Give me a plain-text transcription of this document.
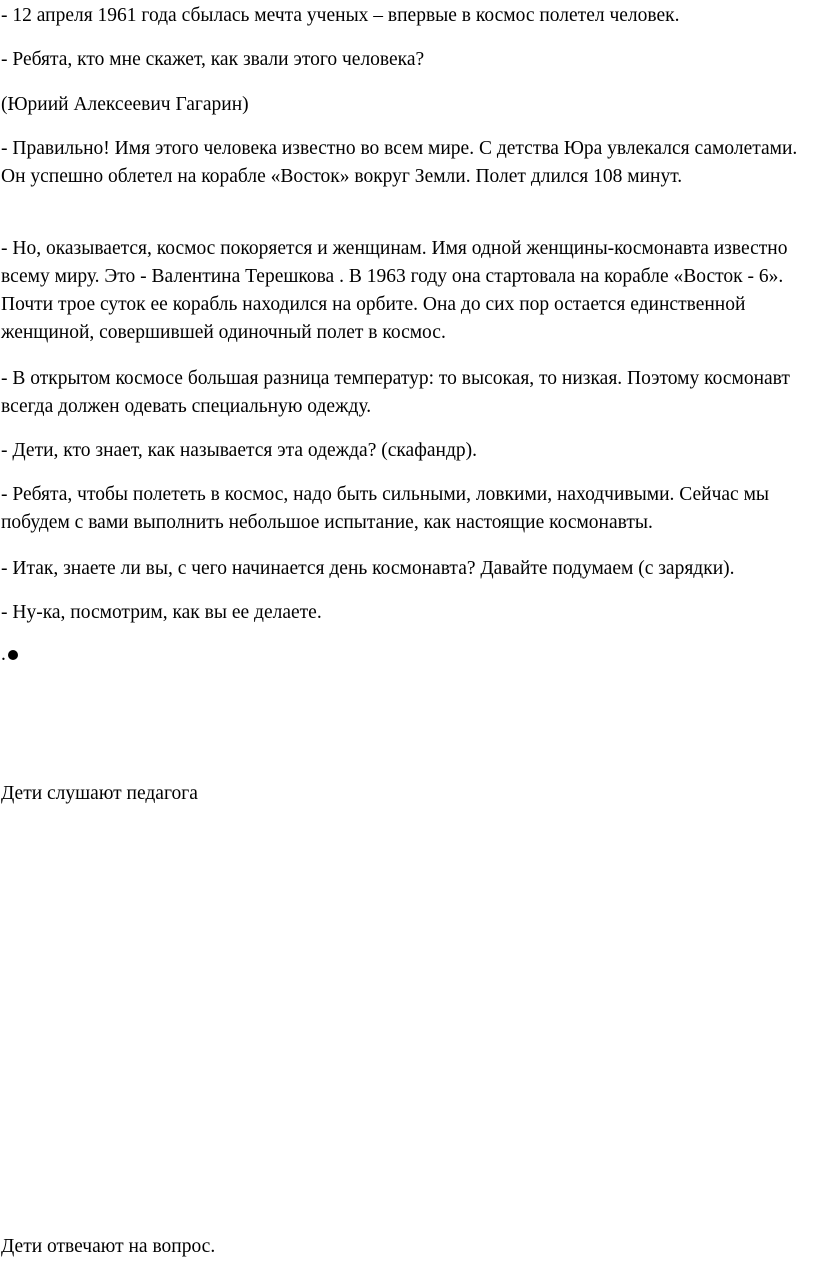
- 12 апреля 1961 года сбылась мечта ученых – впервые в космос полетел человек.

- Ребята, кто мне скажет, как звали этого человека?

(Юриий Алексеевич Гагарин)

- Правильно! Имя этого человека известно во всем мире. С детства Юра увлекался самолетами. Он успешно облетел на корабле «Восток» вокруг Земли. Полет длился 108 минут.

- Но, оказывается, космос покоряется и женщинам. Имя одной женщины-космонавта известно всему миру. Это - Валентина Терешкова . В 1963 году она стартовала на корабле «Восток - 6». Почти трое суток ее корабль находился на орбите. Она до сих пор остается единственной женщиной, совершившей одиночный полет в космос.

- В открытом космосе большая разница температур: то высокая, то низкая. Поэтому космонавт всегда должен одевать специальную одежду.

- Дети, кто знает, как называется эта одежда? (скафандр).

- Ребята, чтобы полететь в космос, надо быть сильными, ловкими, находчивыми. Сейчас мы побудем с вами выполнить небольшое испытание, как настоящие космонавты.

- Итак, знаете ли вы, с чего начинается день космонавта? Давайте подумаем (с зарядки).

- Ну-ка, посмотрим, как вы ее делаете.

.

Дети слушают педагога

Дети отвечают на вопрос.
